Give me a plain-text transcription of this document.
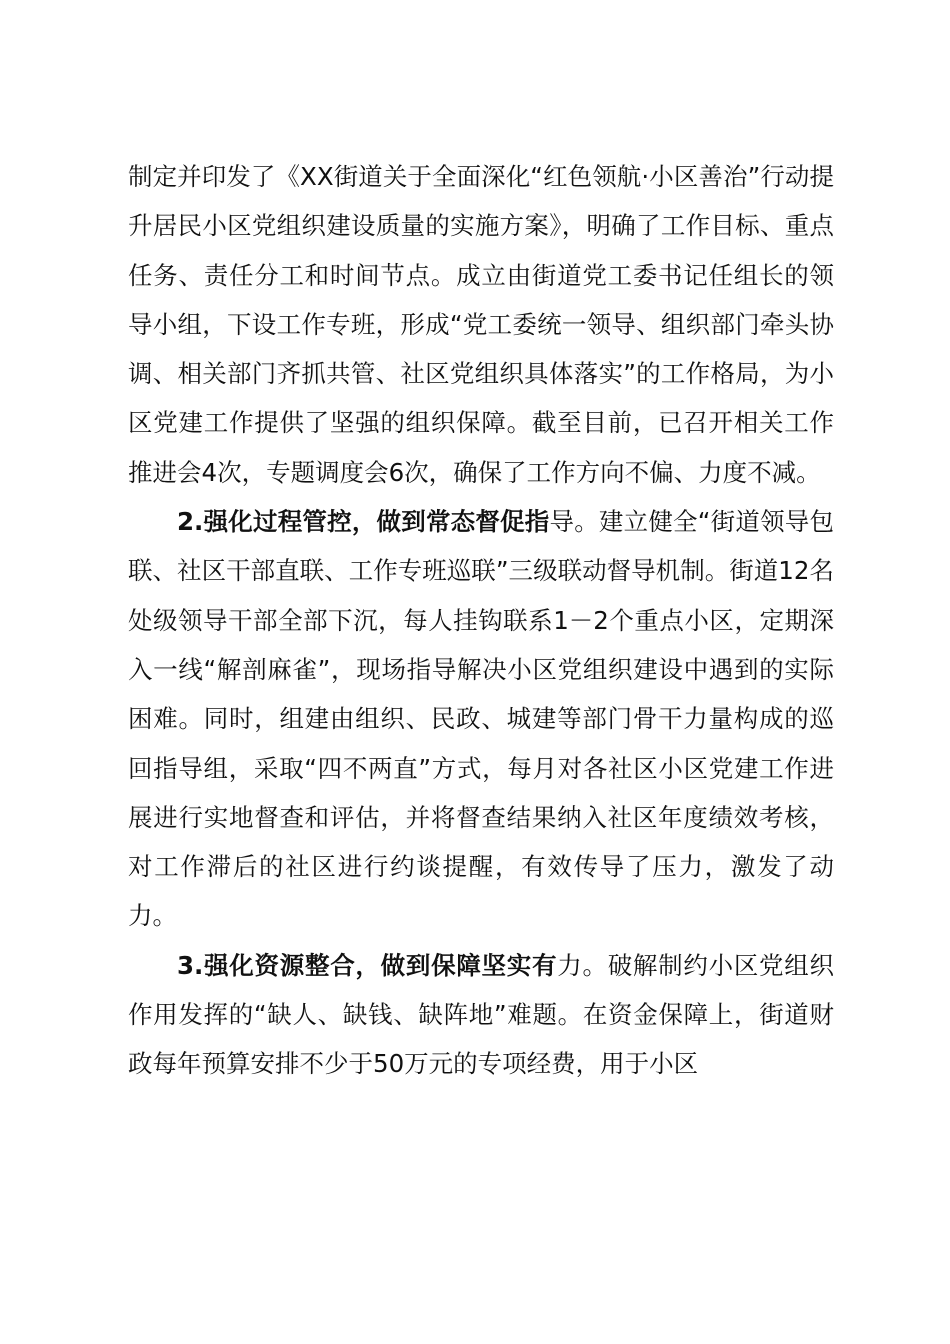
制定并印发了《XX街道关于全面深化“红色领航·小区善治”行动提升居民小区党组织建设质量的实施方案》，明确了工作目标、重点任务、责任分工和时间节点。成立由街道党工委书记任组长的领导小组，下设工作专班，形成“党工委统一领导、组织部门牵头协调、相关部门齐抓共管、社区党组织具体落实”的工作格局，为小区党建工作提供了坚强的组织保障。截至目前，已召开相关工作推进会4次，专题调度会6次，确保了工作方向不偏、力度不减。

2.强化过程管控，做到常态督促指导。建立健全“街道领导包联、社区干部直联、工作专班巡联”三级联动督导机制。街道12名处级领导干部全部下沉，每人挂钩联系1－2个重点小区，定期深入一线“解剖麻雀”，现场指导解决小区党组织建设中遇到的实际困难。同时，组建由组织、民政、城建等部门骨干力量构成的巡回指导组，采取“四不两直”方式，每月对各社区小区党建工作进展进行实地督查和评估，并将督查结果纳入社区年度绩效考核，对工作滞后的社区进行约谈提醒，有效传导了压力，激发了动力。

3.强化资源整合，做到保障坚实有力。破解制约小区党组织作用发挥的“缺人、缺钱、缺阵地”难题。在资金保障上，街道财政每年预算安排不少于50万元的专项经费，用于小区
